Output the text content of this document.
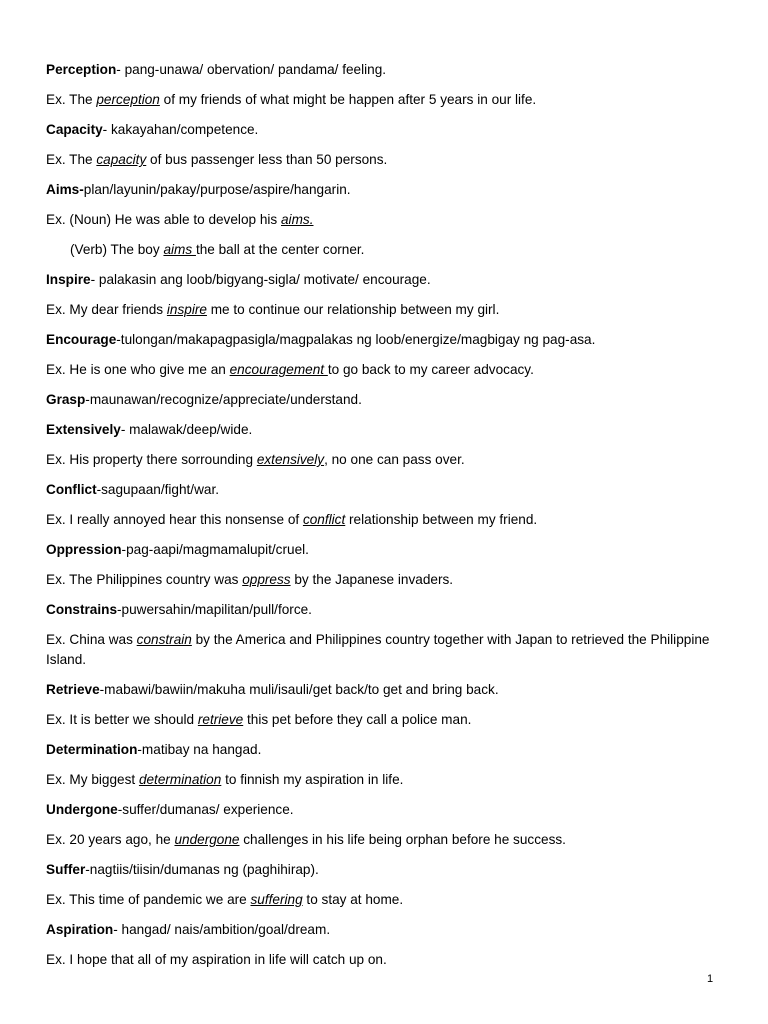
Perception- pang-unawa/ obervation/ pandama/ feeling.
Ex. The perception of my friends of what might be happen after 5 years in our life.
Capacity- kakayahan/competence.
Ex. The capacity of bus passenger less than 50 persons.
Aims-plan/layunin/pakay/purpose/aspire/hangarin.
Ex. (Noun) He was able to develop his aims.
(Verb) The boy aims the ball at the center corner.
Inspire- palakasin ang loob/bigyang-sigla/ motivate/ encourage.
Ex. My dear friends inspire me to continue our relationship between my girl.
Encourage-tulongan/makapagpasigla/magpalakas ng loob/energize/magbigay ng pag-asa.
Ex. He is one who give me an encouragement to go back to my career advocacy.
Grasp-maunawan/recognize/appreciate/understand.
Extensively- malawak/deep/wide.
Ex. His property there sorrounding extensively, no one can pass over.
Conflict-sagupaan/fight/war.
Ex. I really annoyed hear this nonsense of conflict relationship between my friend.
Oppression-pag-aapi/magmamalupit/cruel.
Ex. The Philippines country was oppress by the Japanese invaders.
Constrains-puwersahin/mapilitan/pull/force.
Ex. China was constrain by the America and Philippines country together with Japan to retrieved the Philippine Island.
Retrieve-mabawi/bawiin/makuha muli/isauli/get back/to get and bring back.
Ex. It is better we should retrieve this pet before they call a police man.
Determination-matibay na hangad.
Ex. My biggest determination to finnish my aspiration in life.
Undergone-suffer/dumanas/ experience.
Ex. 20 years ago, he undergone challenges in his life being orphan before he success.
Suffer-nagtiis/tiisin/dumanas ng (paghihirap).
Ex. This time of pandemic we are suffering to stay at home.
Aspiration- hangad/ nais/ambition/goal/dream.
Ex. I hope that all of my aspiration in life will catch up on.
1
